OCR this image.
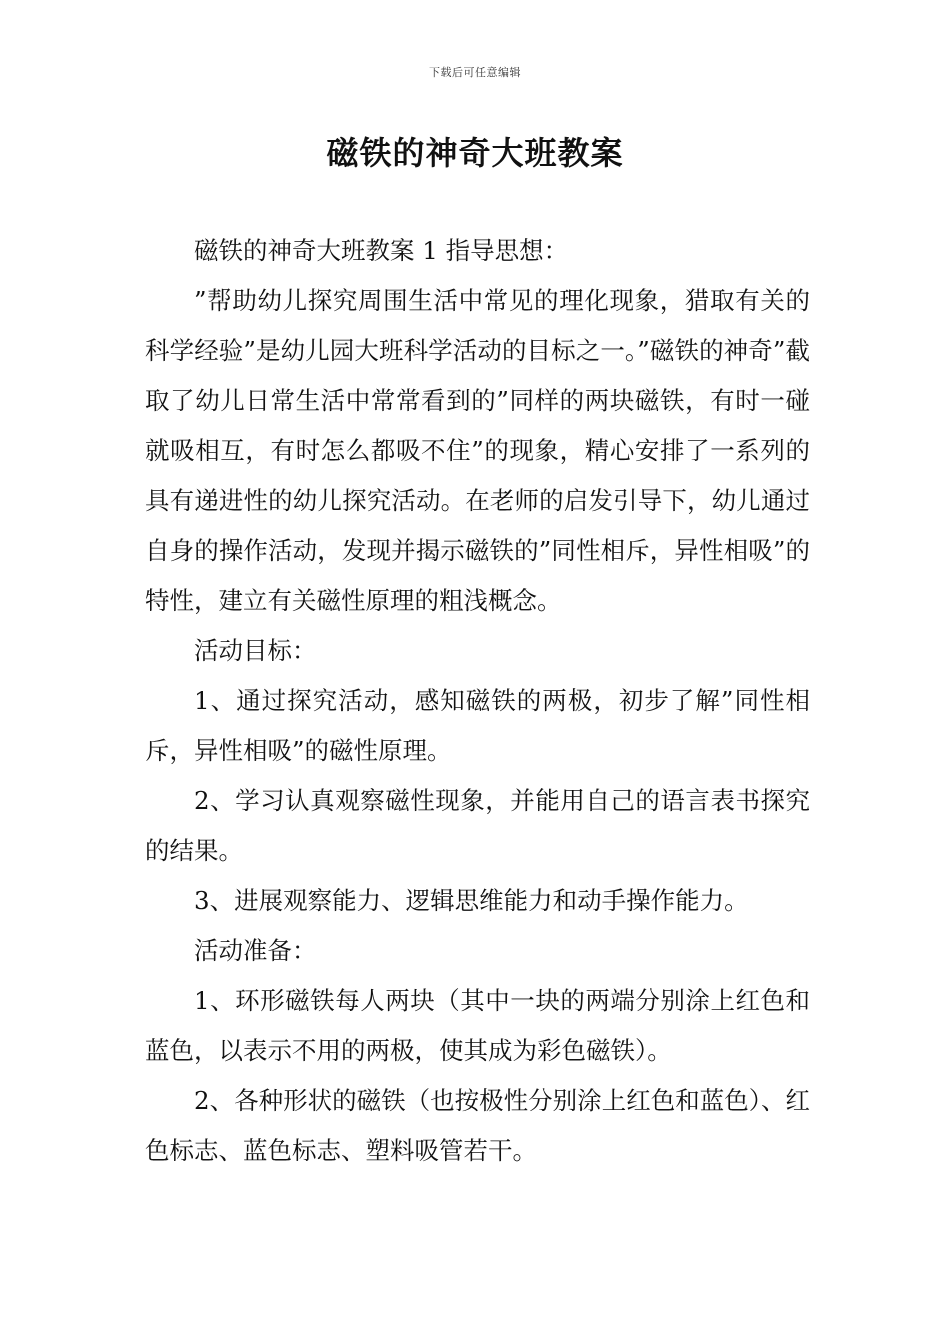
下载后可任意编辑
磁铁的神奇大班教案

磁铁的神奇大班教案 1 指导思想：

”帮助幼儿探究周围生活中常见的理化现象，猎取有关的科学经验”是幼儿园大班科学活动的目标之一。”磁铁的神奇”截取了幼儿日常生活中常常看到的”同样的两块磁铁，有时一碰就吸相互，有时怎么都吸不住”的现象，精心安排了一系列的具有递进性的幼儿探究活动。在老师的启发引导下，幼儿通过自身的操作活动，发现并揭示磁铁的”同性相斥，异性相吸”的特性，建立有关磁性原理的粗浅概念。

活动目标：

1、通过探究活动，感知磁铁的两极，初步了解”同性相斥，异性相吸”的磁性原理。

2、学习认真观察磁性现象，并能用自己的语言表书探究的结果。

3、进展观察能力、逻辑思维能力和动手操作能力。

活动准备：

1、环形磁铁每人两块（其中一块的两端分别涂上红色和蓝色，以表示不用的两极，使其成为彩色磁铁）。

2、各种形状的磁铁（也按极性分别涂上红色和蓝色）、红色标志、蓝色标志、塑料吸管若干。
